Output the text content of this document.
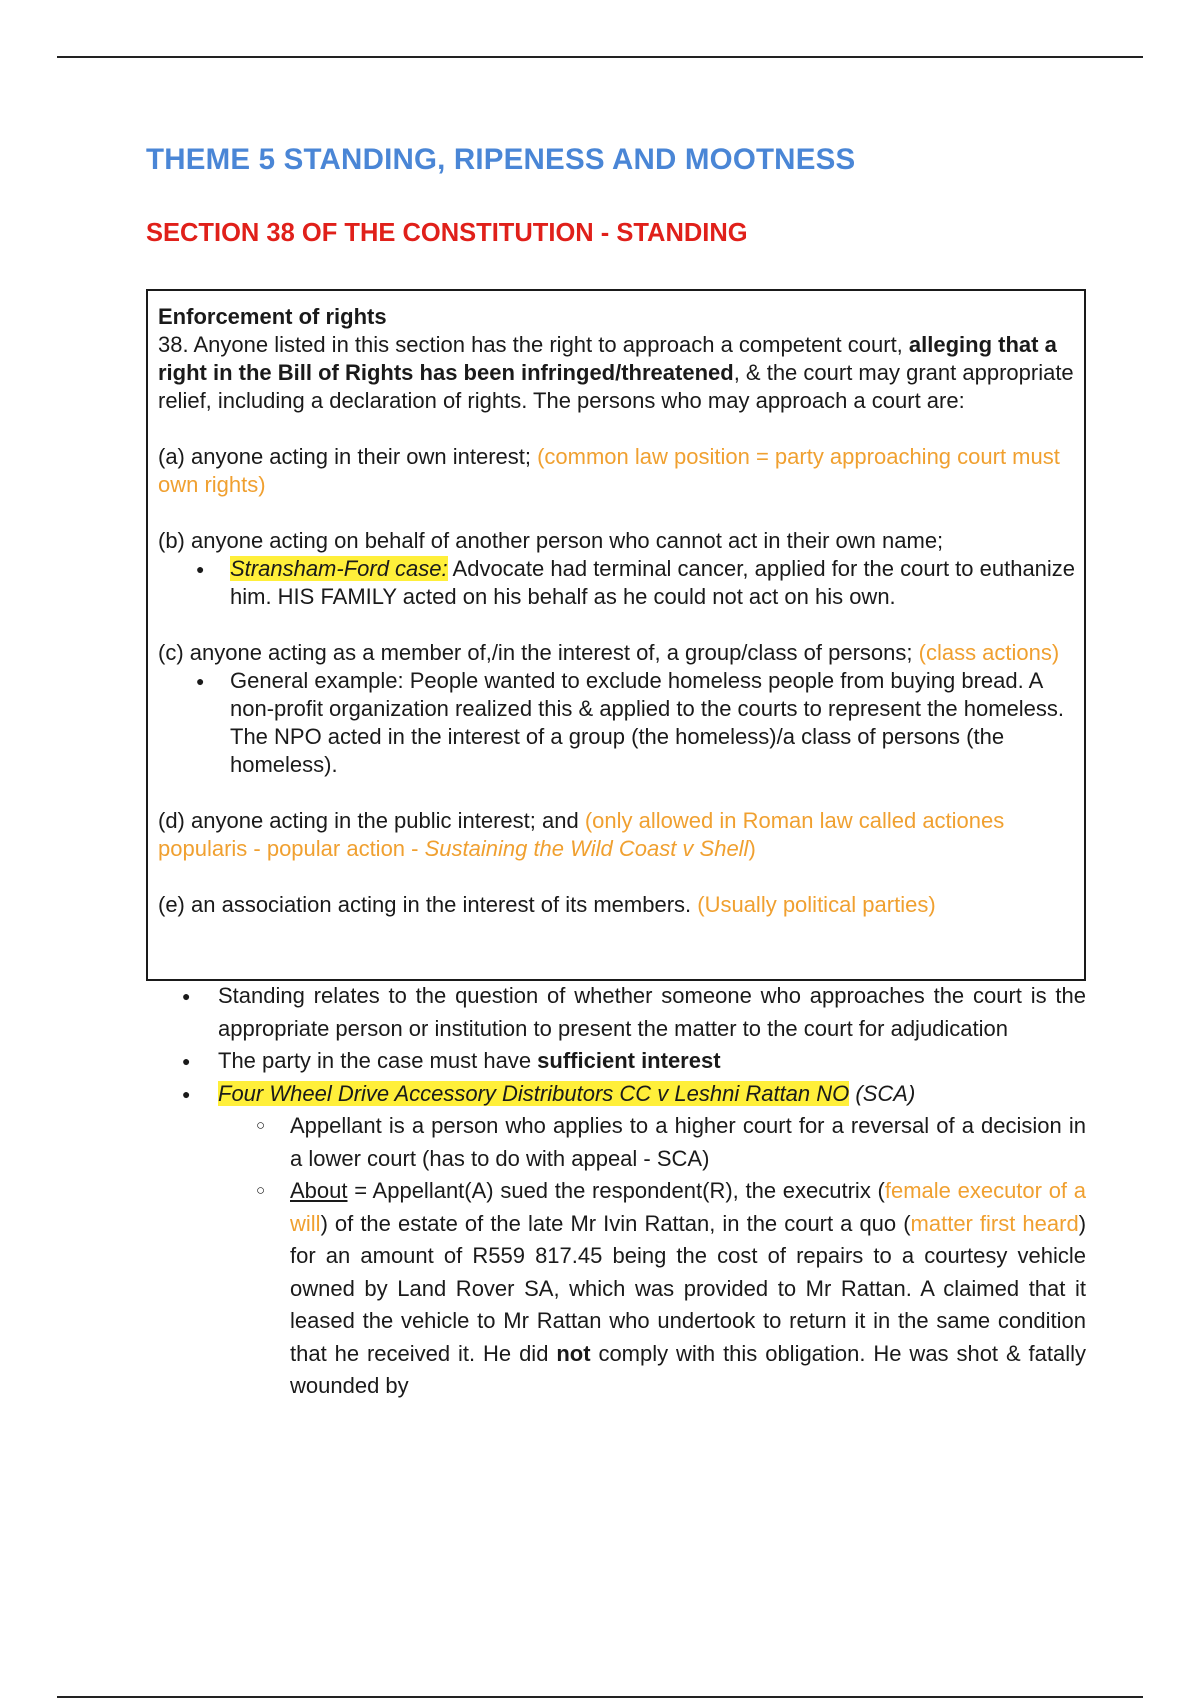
THEME 5 STANDING, RIPENESS AND MOOTNESS
SECTION 38 OF THE CONSTITUTION - STANDING

Enforcement of rights

38. Anyone listed in this section has the right to approach a competent court, alleging that a right in the Bill of Rights has been infringed/threatened, & the court may grant appropriate relief, including a declaration of rights. The persons who may approach a court are:

(a) anyone acting in their own interest; (common law position = party approaching court must own rights)

(b) anyone acting on behalf of another person who cannot act in their own name;

● Stransham-Ford case: Advocate had terminal cancer, applied for the court to euthanize him. HIS FAMILY acted on his behalf as he could not act on his own.

(c) anyone acting as a member of,/in the interest of, a group/class of persons; (class actions)

● General example: People wanted to exclude homeless people from buying bread. A non-profit organization realized this & applied to the courts to represent the homeless. The NPO acted in the interest of a group (the homeless)/a class of persons (the homeless).

(d) anyone acting in the public interest; and (only allowed in Roman law called actiones popularis - popular action - Sustaining the Wild Coast v Shell)

(e) an association acting in the interest of its members. (Usually political parties)

● Standing relates to the question of whether someone who approaches the court is the appropriate person or institution to present the matter to the court for adjudication
● The party in the case must have sufficient interest
● Four Wheel Drive Accessory Distributors CC v Leshni Rattan NO (SCA)
○ Appellant is a person who applies to a higher court for a reversal of a decision in a lower court (has to do with appeal - SCA)
○ About = Appellant(A) sued the respondent(R), the executrix (female executor of a will) of the estate of the late Mr Ivin Rattan, in the court a quo (matter first heard) for an amount of R559 817.45 being the cost of repairs to a courtesy vehicle owned by Land Rover SA, which was provided to Mr Rattan. A claimed that it leased the vehicle to Mr Rattan who undertook to return it in the same condition that he received it. He did not comply with this obligation. He was shot & fatally wounded by
